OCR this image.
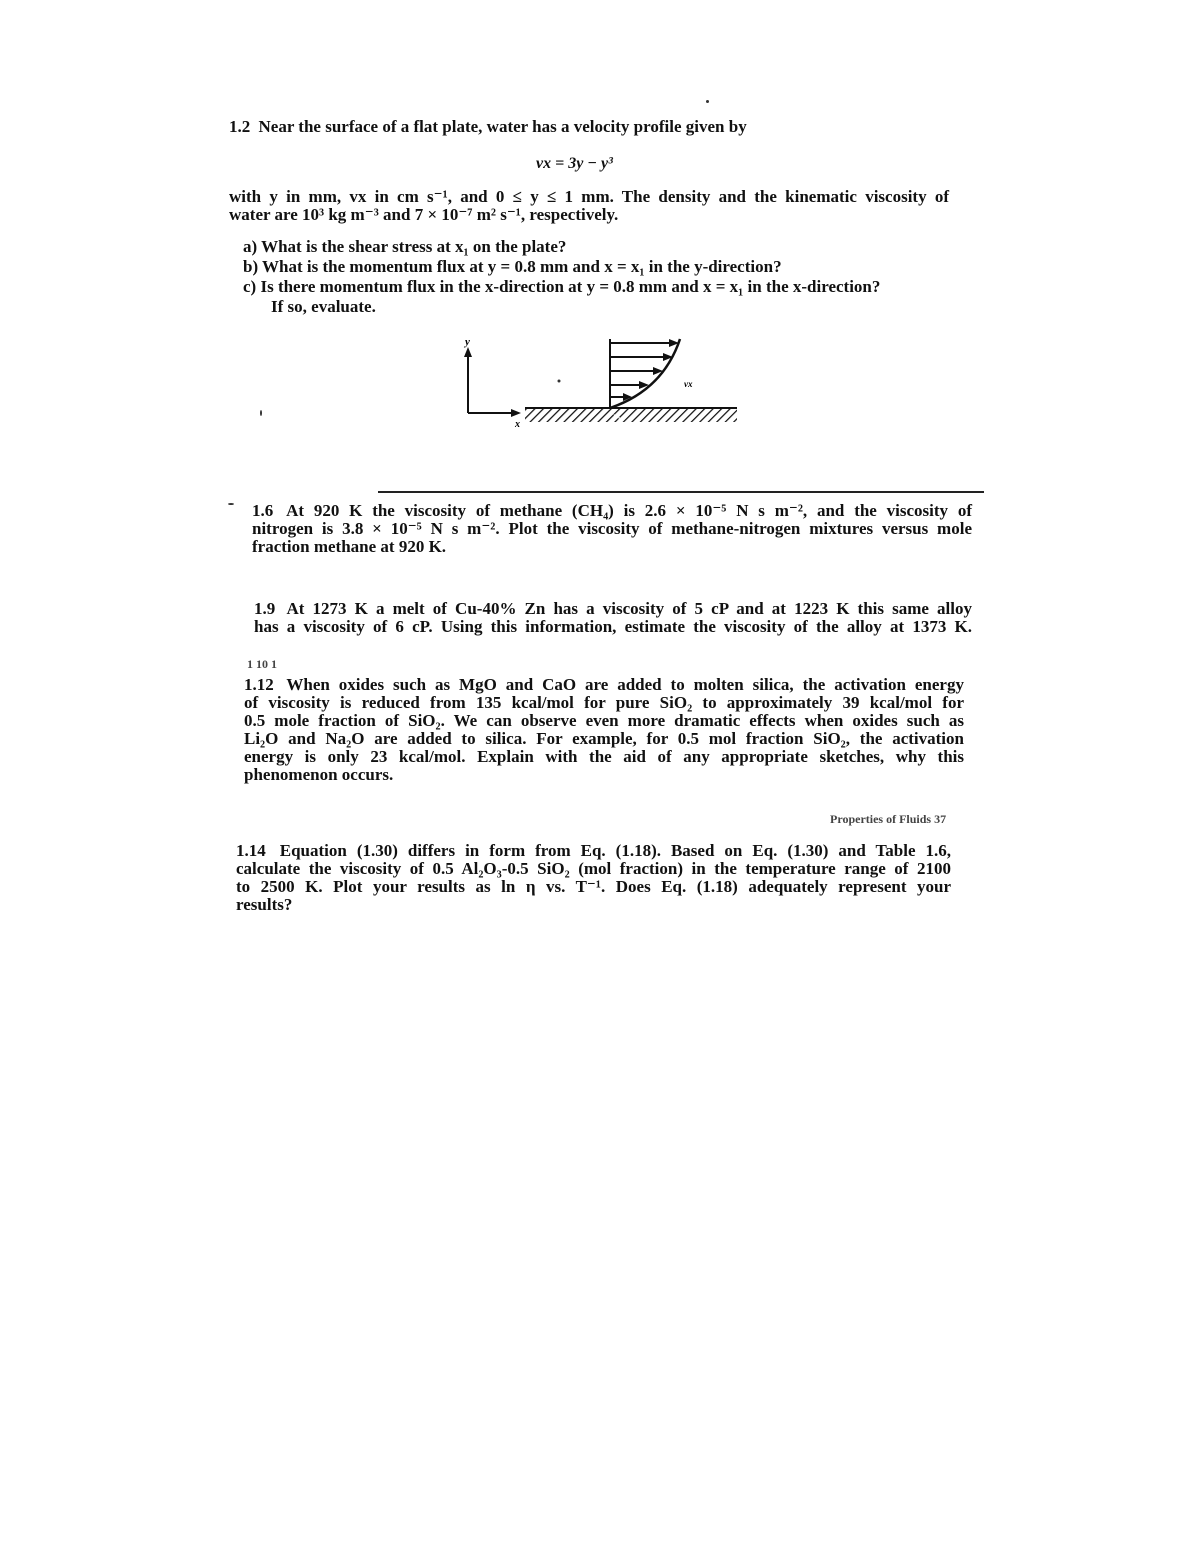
1.2 Near the surface of a flat plate, water has a velocity profile given by
vx = 3y − y³
with y in mm, vx in cm s⁻¹, and 0 ≤ y ≤ 1 mm. The density and the kinematic viscosity of
water are 10³ kg m⁻³ and 7 × 10⁻⁷ m² s⁻¹, respectively.
a) What is the shear stress at x₁ on the plate?
b) What is the momentum flux at y = 0.8 mm and x = x₁ in the y-direction?
c) Is there momentum flux in the x-direction at y = 0.8 mm and x = x₁ in the x-direction?
If so, evaluate.
y
x
vx
x₁
1.6 At 920 K the viscosity of methane (CH₄) is 2.6 × 10⁻⁵ N s m⁻², and the viscosity of
nitrogen is 3.8 × 10⁻⁵ N s m⁻². Plot the viscosity of methane-nitrogen mixtures versus mole
fraction methane at 920 K.
1.9 At 1273 K a melt of Cu-40% Zn has a viscosity of 5 cP and at 1223 K this same alloy
has a viscosity of 6 cP. Using this information, estimate the viscosity of the alloy at 1373 K.
1 10 1
1.12 When oxides such as MgO and CaO are added to molten silica, the activation energy
of viscosity is reduced from 135 kcal/mol for pure SiO₂ to approximately 39 kcal/mol for
0.5 mole fraction of SiO₂. We can observe even more dramatic effects when oxides such as
Li₂O and Na₂O are added to silica. For example, for 0.5 mol fraction SiO₂, the activation
energy is only 23 kcal/mol. Explain with the aid of any appropriate sketches, why this
phenomenon occurs.
Properties of Fluids 37
1.14 Equation (1.30) differs in form from Eq. (1.18). Based on Eq. (1.30) and Table 1.6,
calculate the viscosity of 0.5 Al₂O₃-0.5 SiO₂ (mol fraction) in the temperature range of 2100
to 2500 K. Plot your results as ln η vs. T⁻¹. Does Eq. (1.18) adequately represent your
results?
